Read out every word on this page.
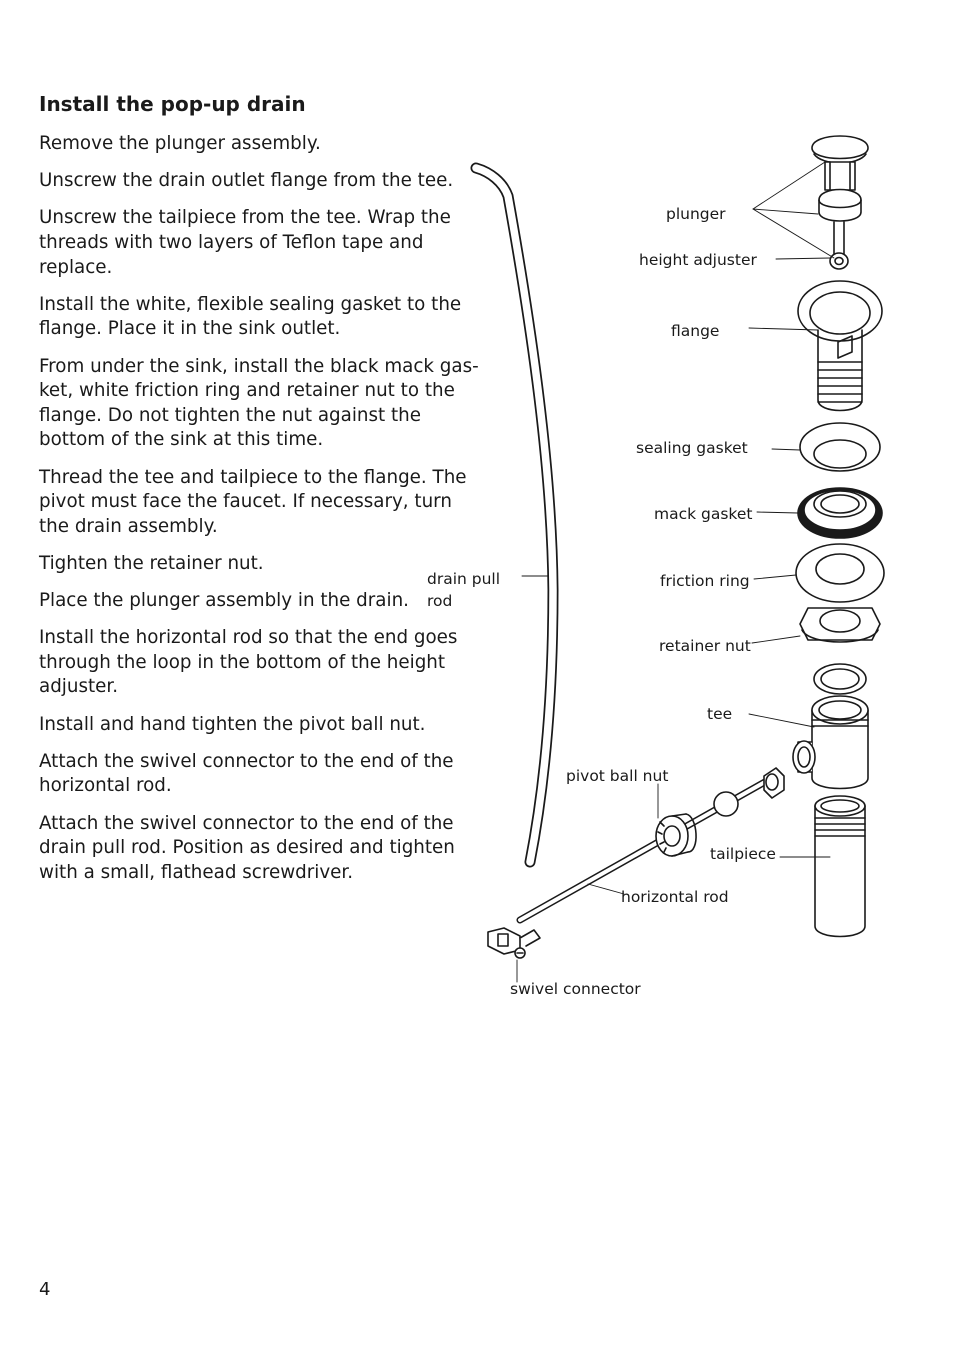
Install the pop-up drain

Remove the plunger assembly.

Unscrew the drain outlet flange from the tee.

Unscrew the tailpiece from the tee. Wrap the threads with two layers of Teflon tape and replace.

Install the white, flexible sealing gasket to the flange. Place it in the sink outlet.

From under the sink, install the black mack gas-ket, white friction ring and retainer nut to the flange. Do not tighten the nut against the bottom of the sink at this time.

Thread the tee and tailpiece to the flange. The pivot must face the faucet. If necessary, turn the drain assembly.

Tighten the retainer nut.

Place the plunger assembly in the drain.

Install the horizontal rod so that the end goes through the loop in the bottom of the height adjuster.

Install and hand tighten the pivot ball nut.

Attach the swivel connector to the end of the horizontal rod.

Attach the swivel connector to the end of the drain pull rod. Position as desired and tighten with a small, flathead screwdriver.

plunger
height adjuster
flange
sealing gasket
mack gasket
friction ring
retainer nut
tee
drain pull
rod
pivot ball nut
tailpiece
horizontal rod
swivel connector
4
